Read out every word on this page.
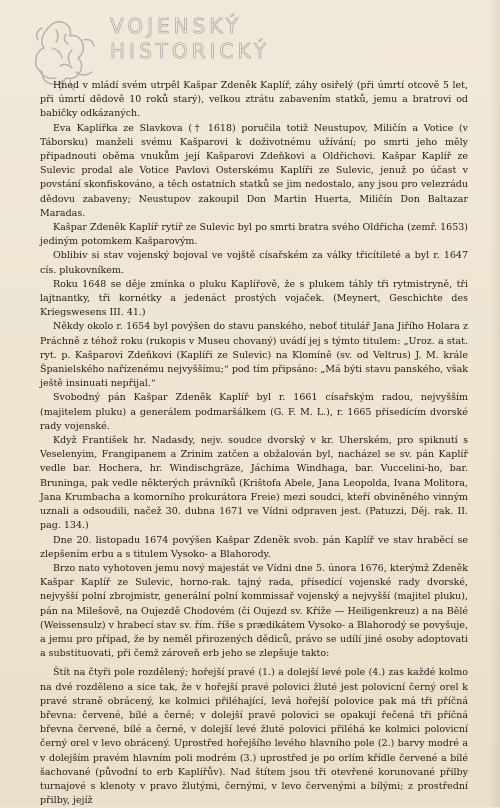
VOJENSKÝ
HISTORICKÝ

Hned v mládí svém utrpěl Kašpar Zdeněk Kaplíř, záhy osiřelý (při úmrtí otcově 5 let, při úmrtí dědově 10 roků starý), velkou ztrátu zabavením statků, jemu a bratrovi od babičky odkázaných.

Eva Kaplířka ze Slavkova († 1618) poručila totiž Neustupov, Miličín a Votice (v Táborsku) manželi svému Kašparovi k doživotnému užívání; po smrti jeho měly připadnouti oběma vnukům její Kašparovi Zdeňkovi a Oldřichovi. Kašpar Kaplíř ze Sulevic prodal ale Votice Pavlovi Osterskému Kaplíři ze Sulevic, jenuž po účast v povstání skonfiskováno, a těch ostatních statků se jim nedostalo, any jsou pro velezrádu dědovu zabaveny; Neustupov zakoupil Don Martin Huerta, Miličín Don Baltazar Maradas.

Kašpar Zdeněk Kaplíř rytíř ze Sulevic byl po smrti bratra svého Oldřicha (zemř. 1653) jediným potomkem Kašparovým.

Oblibiv si stav vojenský bojoval ve vojště císařském za války třicítileté a byl r. 1647 cís. plukovníkem.

Roku 1648 se děje zmínka o pluku Kaplířově, že s plukem táhly tři rytmistryně, tři lajtnantky, tři kornétky a jedenáct prostých vojaček. (Meynert, Geschichte des Kriegswesens III. 41.)

Někdy okolo r. 1654 byl povýšen do stavu panského, neboť titulář Jana Jiřího Holara z Práchně z téhož roku (rukopis v Museu chovaný) uvádí jej s týmto titulem: „Uroz. a stat. ryt. p. Kašparovi Zdeňkovi (Kaplíři ze Sulevic) na Klomíně (sv. od Veltrus) J. M. krále Španielského nařízenému nejvyššímu;“ pod tím připsáno: „Má býti stavu panského, však ještě insinuati nepřijal.“

Svobodný pán Kašpar Zdeněk Kaplíř byl r. 1661 císařským radou, nejvyšším (majitelem pluku) a generálem podmaršálkem (G. F. M. L.), r. 1665 přísedícím dvorské rady vojenské.

Když František hr. Nadasdy, nejv. soudce dvorský v kr. Uherském, pro spiknutí s Veselenyim, Frangipanem a Zrinim zatčen a obžalován byl, nacházel se sv. pán Kaplíř vedle bar. Hochera, hr. Windischgräze, Jáchima Windhaga, bar. Vuccelini-ho, bar. Bruninga, pak vedle některých právníků (Krištofa Abele, Jana Leopolda, Ivana Molitora, Jana Krumbacha a komorního prokurátora Freie) mezi soudci, kteří obviněného vinným uznali a odsoudili, načež 30. dubna 1671 ve Vídni odpraven jest. (Patuzzi, Děj. rak. II. pag. 134.)

Dne 20. listopadu 1674 povýšen Kašpar Zdeněk svob. pán Kaplíř ve stav hraběcí se zlepšením erbu a s titulem Vysoko- a Blahorody.

Brzo nato vyhotoven jemu nový majestát ve Vídni dne 5. února 1676, kterýmž Zdeněk Kašpar Kaplíř ze Sulevic, horno-rak. tajný rada, přísedící vojenské rady dvorské, nejvyšší polní zbrojmistr, generální polní kommissař vojenský a nejvyšší (majitel pluku), pán na Milešově, na Oujezdě Chodovém (či Oujezd sv. Kříže — Heiligenkreuz) a na Bělé (Weissensulz) v hrabecí stav sv. řím. říše s prædikátem Vysoko- a Blahorodý se povyšuje, a jemu pro případ, že by neměl přirozených dědiců, právo se udílí jiné osoby adoptovati a substituovati, při čemž zároveň erb jeho se zlepšuje takto:

Štít na čtyři pole rozdělený; hořejší pravé (1.) a dolejší levé pole (4.) zas každé kolmo na dvé rozděleno a sice tak, že v hořejší pravé polovici žluté jest polovicní černý orel k pravé straně obrácený, ke kolmici přiléhající, levá hořejší polovice pak má tři příčná břevna: červené, bílé a černé; v dolejší pravé polovici se opakují řečená tři příčná břevna červené, bílé a černé, v dolejší levé žluté polovici přiléhá ke kolmici polovicní černý orel v levo obrácený. Uprostřed hořejšího levého hlavního pole (2.) barvy modré a v dolejším pravém hlavním poli modrém (3.) uprostřed je po orlím křídle červené a bílé šachované (původní to erb Kaplířův). Nad štítem jsou tři otevřené korunované přilby turnajové s klenoty v pravo žlutými, černými, v levo červenými a bílými; z prostřední přilby, jejíž
